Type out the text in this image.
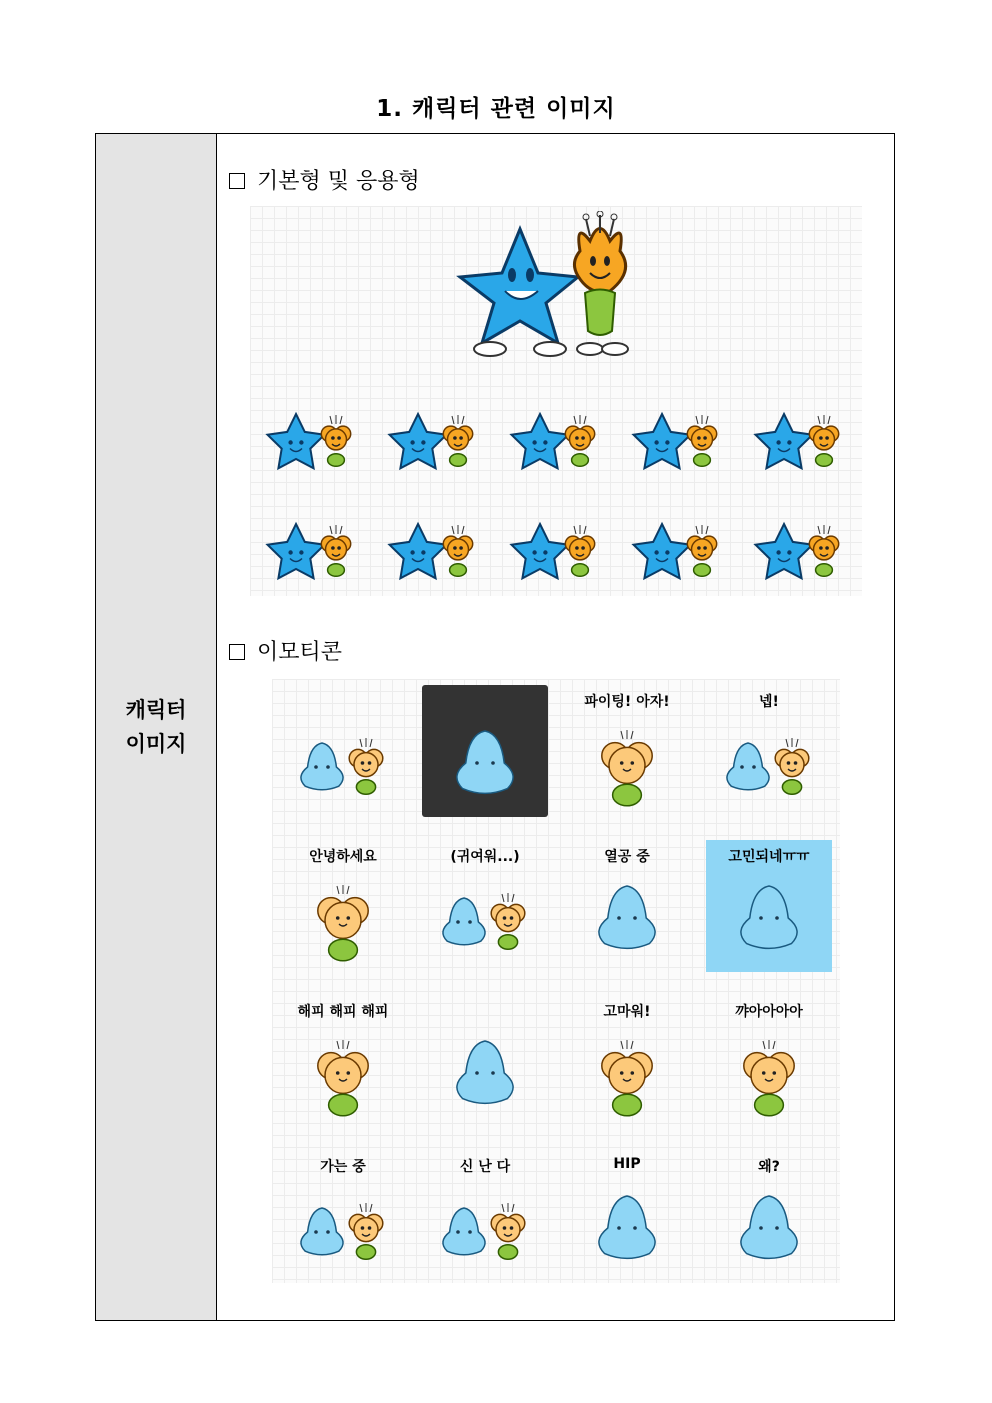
1. 캐릭터 관련 이미지
캐릭터
이미지
기본형 및 응용형
이모티콘
파이팅! 아자!	넵!
안녕하세요	(귀여워...)	열공 중	고민되네ㅠㅠ
해피 해피 해피	고마워!	꺄아아아아
가는 중	신 난 다	HIP	왜?
